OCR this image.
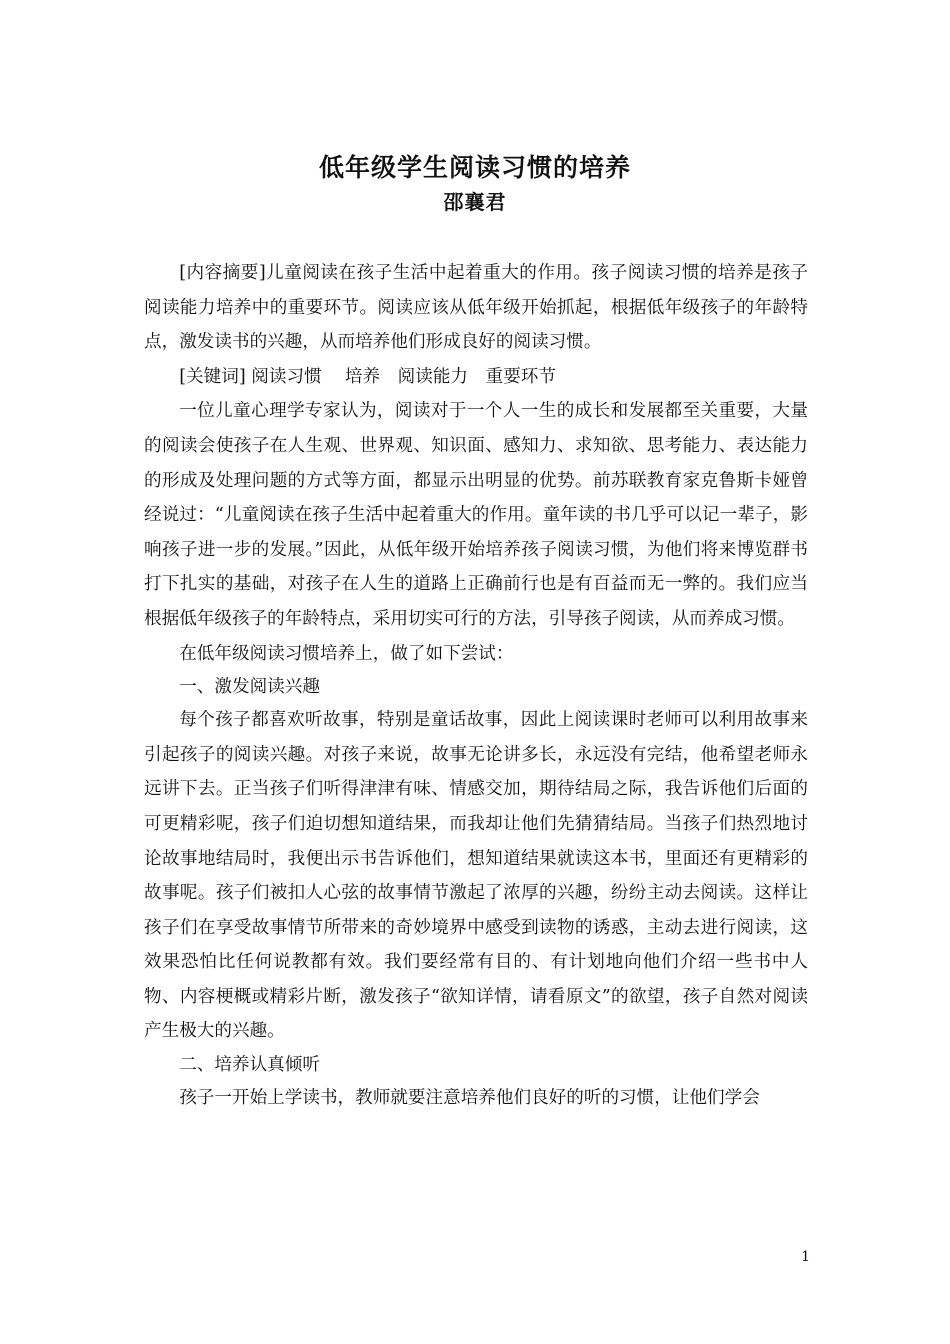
低年级学生阅读习惯的培养
邵襄君

[内容摘要]儿童阅读在孩子生活中起着重大的作用。孩子阅读习惯的培养是孩子阅读能力培养中的重要环节。阅读应该从低年级开始抓起，根据低年级孩子的年龄特点，激发读书的兴趣，从而培养他们形成良好的阅读习惯。

[关键词] 阅读习惯　 培养　阅读能力　重要环节

一位儿童心理学专家认为，阅读对于一个人一生的成长和发展都至关重要，大量的阅读会使孩子在人生观、世界观、知识面、感知力、求知欲、思考能力、表达能力的形成及处理问题的方式等方面，都显示出明显的优势。前苏联教育家克鲁斯卡娅曾经说过：“儿童阅读在孩子生活中起着重大的作用。童年读的书几乎可以记一辈子，影响孩子进一步的发展。”因此，从低年级开始培养孩子阅读习惯，为他们将来博览群书打下扎实的基础，对孩子在人生的道路上正确前行也是有百益而无一弊的。我们应当根据低年级孩子的年龄特点，采用切实可行的方法，引导孩子阅读，从而养成习惯。

在低年级阅读习惯培养上，做了如下尝试：

一、激发阅读兴趣

每个孩子都喜欢听故事，特别是童话故事，因此上阅读课时老师可以利用故事来引起孩子的阅读兴趣。对孩子来说，故事无论讲多长，永远没有完结，他希望老师永远讲下去。正当孩子们听得津津有味、情感交加，期待结局之际，我告诉他们后面的可更精彩呢，孩子们迫切想知道结果，而我却让他们先猜猜结局。当孩子们热烈地讨论故事地结局时，我便出示书告诉他们，想知道结果就读这本书，里面还有更精彩的故事呢。孩子们被扣人心弦的故事情节激起了浓厚的兴趣，纷纷主动去阅读。这样让孩子们在享受故事情节所带来的奇妙境界中感受到读物的诱惑，主动去进行阅读，这效果恐怕比任何说教都有效。我们要经常有目的、有计划地向他们介绍一些书中人物、内容梗概或精彩片断，激发孩子“欲知详情，请看原文”的欲望，孩子自然对阅读产生极大的兴趣。

二、培养认真倾听

孩子一开始上学读书，教师就要注意培养他们良好的听的习惯，让他们学会

1
